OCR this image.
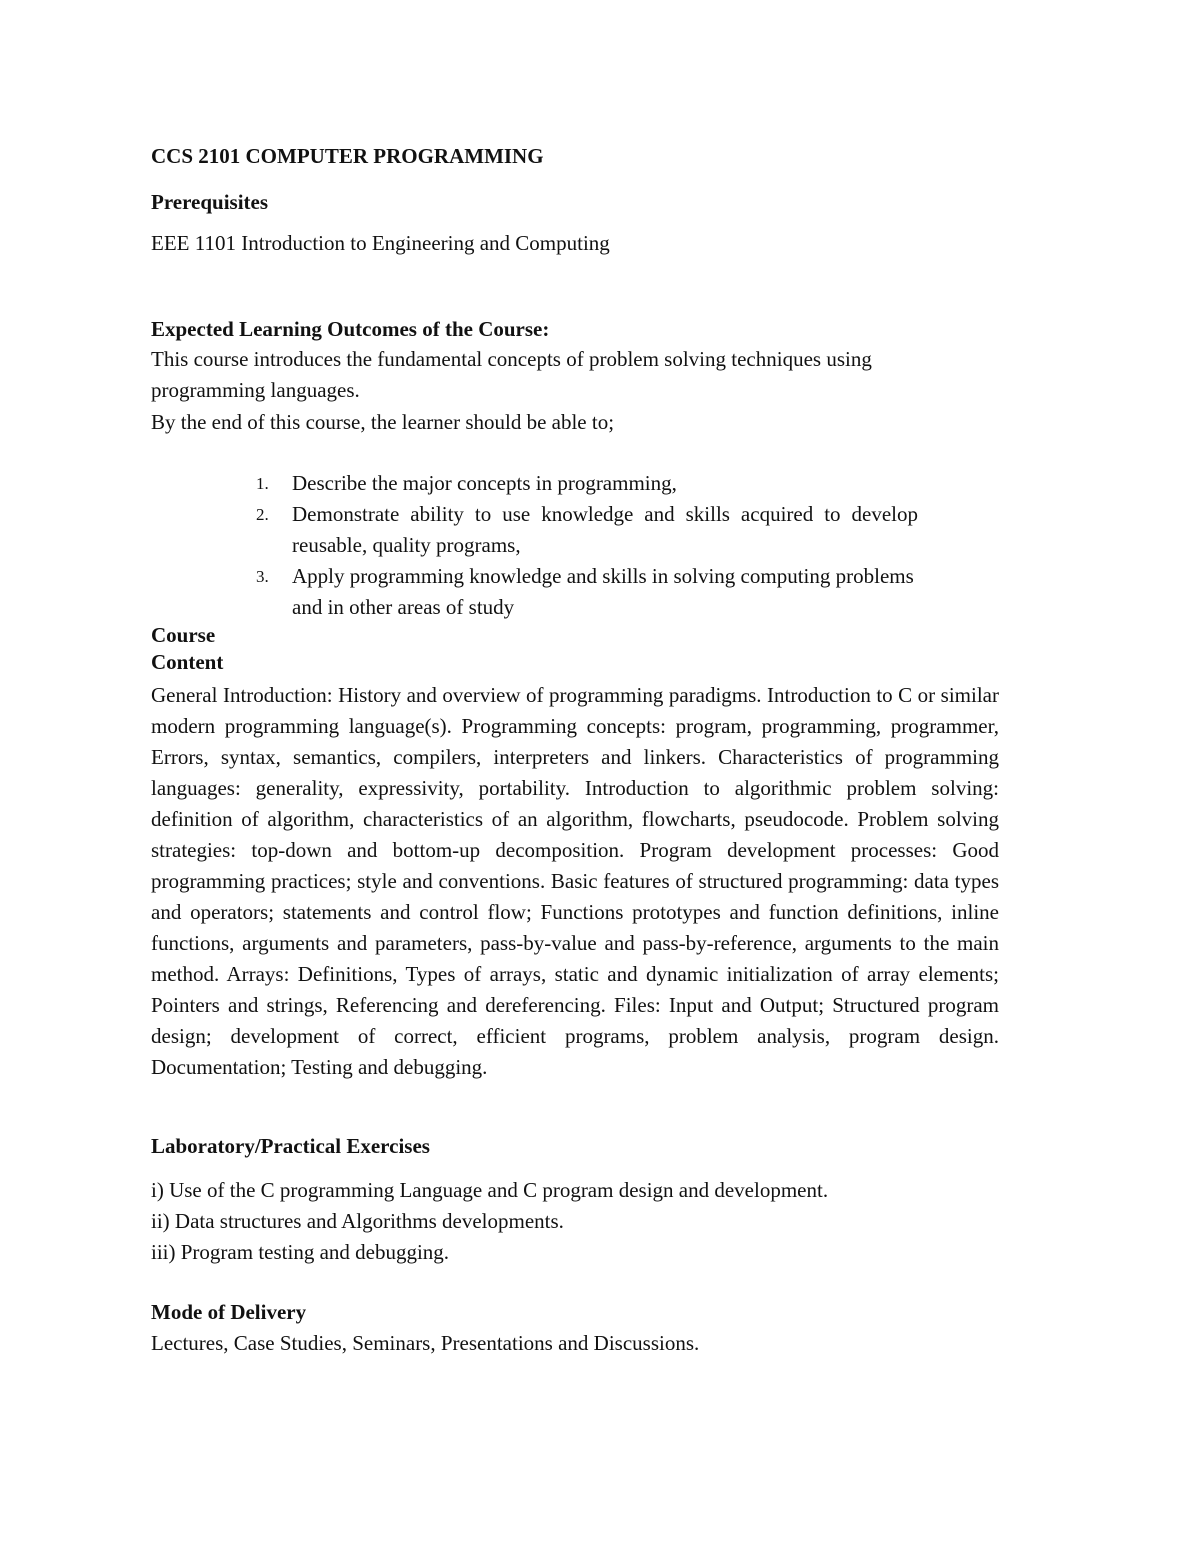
CCS 2101 COMPUTER PROGRAMMING

Prerequisites

EEE 1101 Introduction to Engineering and Computing

Expected Learning Outcomes of the Course:

This course introduces the fundamental concepts of problem solving techniques using programming languages.

By the end of this course, the learner should be able to;

1. Describe the major concepts in programming,
2. Demonstrate ability to use knowledge and skills acquired to develop reusable, quality programs,
3. Apply programming knowledge and skills in solving computing problems and in other areas of study

Course
Content

General Introduction: History and overview of programming paradigms. Introduction to C or similar modern programming language(s). Programming concepts: program, programming, programmer, Errors, syntax, semantics, compilers, interpreters and linkers. Characteristics of programming languages: generality, expressivity, portability. Introduction to algorithmic problem solving: definition of algorithm, characteristics of an algorithm, flowcharts, pseudocode. Problem solving strategies: top-down and bottom-up decomposition. Program development processes: Good programming practices; style and conventions. Basic features of structured programming: data types and operators; statements and control flow; Functions prototypes and function definitions, inline functions, arguments and parameters, pass-by-value and pass-by-reference, arguments to the main method. Arrays: Definitions, Types of arrays, static and dynamic initialization of array elements; Pointers and strings, Referencing and dereferencing. Files: Input and Output; Structured program design; development of correct, efficient programs, problem analysis, program design. Documentation; Testing and debugging.

Laboratory/Practical Exercises

i) Use of the C programming Language and C program design and development.
ii) Data structures and Algorithms developments.
iii) Program testing and debugging.

Mode of Delivery

Lectures, Case Studies, Seminars, Presentations and Discussions.
